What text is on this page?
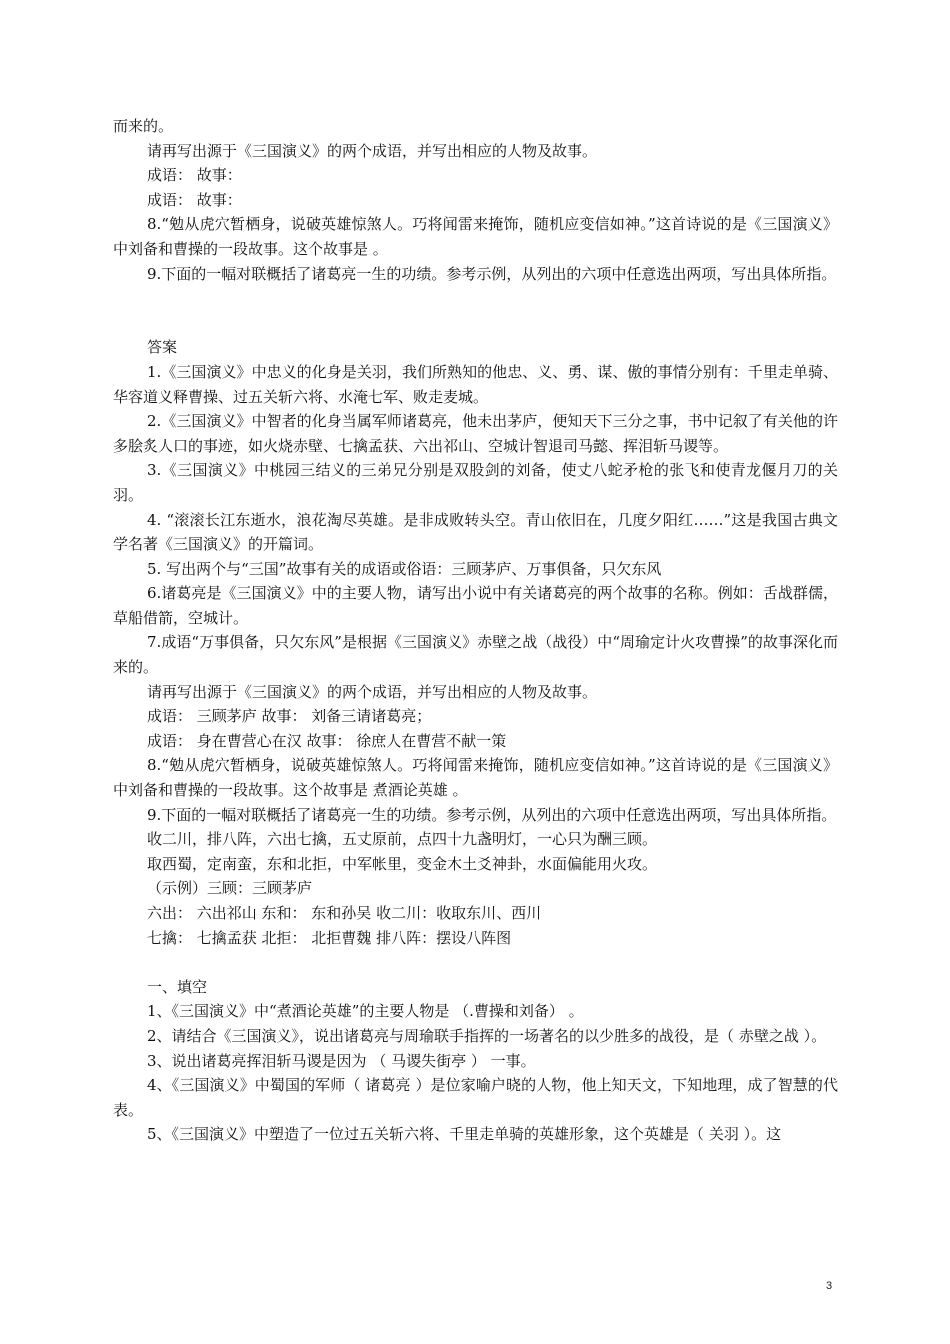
而来的。

请再写出源于《三国演义》的两个成语，并写出相应的人物及故事。

成语： 故事：

成语： 故事：

8.“勉从虎穴暂栖身，说破英雄惊煞人。巧将闻雷来掩饰，随机应变信如神。”这首诗说的是《三国演义》中刘备和曹操的一段故事。这个故事是 。

9.下面的一幅对联概括了诸葛亮一生的功绩。参考示例，从列出的六项中任意选出两项，写出具体所指。

答案

1.《三国演义》中忠义的化身是关羽，我们所熟知的他忠、义、勇、谋、傲的事情分别有：千里走单骑、华容道义释曹操、过五关斩六将、水淹七军、败走麦城。

2.《三国演义》中智者的化身当属军师诸葛亮，他未出茅庐，便知天下三分之事，书中记叙了有关他的许多脍炙人口的事迹，如火烧赤壁、七擒孟获、六出祁山、空城计智退司马懿、挥泪斩马谡等。

3.《三国演义》中桃园三结义的三弟兄分别是双股剑的刘备，使丈八蛇矛枪的张飞和使青龙偃月刀的关羽。

4. “滚滚长江东逝水，浪花淘尽英雄。是非成败转头空。青山依旧在，几度夕阳红……”这是我国古典文学名著《三国演义》的开篇词。

5. 写出两个与“三国”故事有关的成语或俗语：三顾茅庐、万事俱备，只欠东风

6.诸葛亮是《三国演义》中的主要人物，请写出小说中有关诸葛亮的两个故事的名称。例如：舌战群儒，草船借箭，空城计。

7.成语“万事俱备，只欠东风”是根据《三国演义》赤壁之战（战役）中“周瑜定计火攻曹操”的故事深化而来的。

请再写出源于《三国演义》的两个成语，并写出相应的人物及故事。

成语： 三顾茅庐 故事： 刘备三请诸葛亮；

成语： 身在曹营心在汉 故事： 徐庶人在曹营不献一策

8.“勉从虎穴暂栖身，说破英雄惊煞人。巧将闻雷来掩饰，随机应变信如神。”这首诗说的是《三国演义》中刘备和曹操的一段故事。这个故事是 煮酒论英雄 。

9.下面的一幅对联概括了诸葛亮一生的功绩。参考示例，从列出的六项中任意选出两项，写出具体所指。

收二川，排八阵，六出七擒，五丈原前，点四十九盏明灯，一心只为酬三顾。

取西蜀，定南蛮，东和北拒，中军帐里，变金木土爻神卦，水面偏能用火攻。

（示例）三顾：三顾茅庐

六出： 六出祁山 东和： 东和孙吴 收二川：收取东川、西川

七擒： 七擒孟获 北拒： 北拒曹魏 排八阵：摆设八阵图

一、填空

1、《三国演义》中“煮酒论英雄”的主要人物是 （.曹操和刘备） 。

2、请结合《三国演义》，说出诸葛亮与周瑜联手指挥的一场著名的以少胜多的战役，是（ 赤壁之战 ）。

3、说出诸葛亮挥泪斩马谡是因为 （ 马谡失街亭 ） 一事。

4、《三国演义》中蜀国的军师（ 诸葛亮 ）是位家喻户晓的人物，他上知天文，下知地理，成了智慧的代表。

5、《三国演义》中塑造了一位过五关斩六将、千里走单骑的英雄形象，这个英雄是（ 关羽 ）。这

3
